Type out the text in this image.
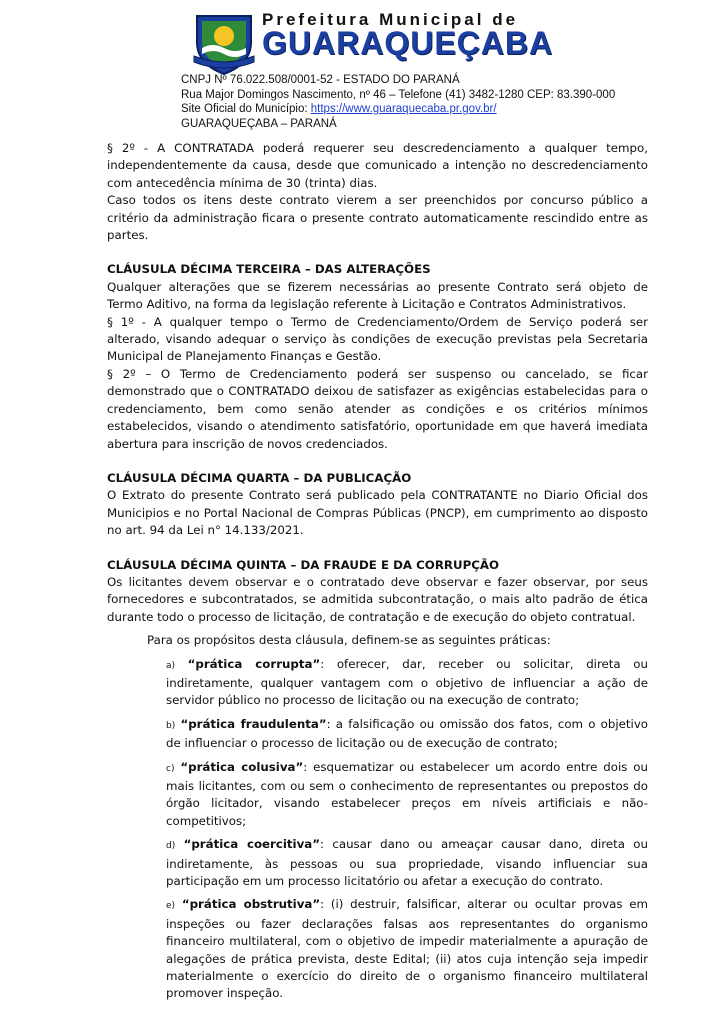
Prefeitura Municipal de
GUARAQUEÇABA
CNPJ Nº 76.022.508/0001-52 - ESTADO DO PARANÁ
Rua Major Domingos Nascimento, nº 46 – Telefone (41) 3482-1280 CEP: 83.390-000
Site Oficial do Município: https://www.guaraquecaba.pr.gov.br/
GUARAQUEÇABA – PARANÁ

§ 2º - A CONTRATADA poderá requerer seu descredenciamento a qualquer tempo, independentemente da causa, desde que comunicado a intenção no descredenciamento com antecedência mínima de 30 (trinta) dias.

Caso todos os itens deste contrato vierem a ser preenchidos por concurso público a critério da administração ficara o presente contrato automaticamente rescindido entre as partes.

CLÁUSULA DÉCIMA TERCEIRA – DAS ALTERAÇÕES

Qualquer alterações que se fizerem necessárias ao presente Contrato será objeto de Termo Aditivo, na forma da legislação referente à Licitação e Contratos Administrativos.

§ 1º - A qualquer tempo o Termo de Credenciamento/Ordem de Serviço poderá ser alterado, visando adequar o serviço às condições de execução previstas pela Secretaria Municipal de Planejamento Finanças e Gestão.

§ 2º – O Termo de Credenciamento poderá ser suspenso ou cancelado, se ficar demonstrado que o CONTRATADO deixou de satisfazer as exigências estabelecidas para o credenciamento, bem como senão atender as condições e os critérios mínimos estabelecidos, visando o atendimento satisfatório, oportunidade em que haverá imediata abertura para inscrição de novos credenciados.

CLÁUSULA DÉCIMA QUARTA – DA PUBLICAÇÃO

O Extrato do presente Contrato será publicado pela CONTRATANTE no Diario Oficial dos Municipios e no Portal Nacional de Compras Públicas (PNCP), em cumprimento ao disposto no art. 94 da Lei n° 14.133/2021.

CLÁUSULA DÉCIMA QUINTA – DA FRAUDE E DA CORRUPÇÃO

Os licitantes devem observar e o contratado deve observar e fazer observar, por seus fornecedores e subcontratados, se admitida subcontratação, o mais alto padrão de ética durante todo o processo de licitação, de contratação e de execução do objeto contratual.

Para os propósitos desta cláusula, definem-se as seguintes práticas:

a) “prática corrupta”: oferecer, dar, receber ou solicitar, direta ou indiretamente, qualquer vantagem com o objetivo de influenciar a ação de servidor público no processo de licitação ou na execução de contrato;

b) “prática fraudulenta”: a falsificação ou omissão dos fatos, com o objetivo de influenciar o processo de licitação ou de execução de contrato;

c) “prática colusiva”: esquematizar ou estabelecer um acordo entre dois ou mais licitantes, com ou sem o conhecimento de representantes ou prepostos do órgão licitador, visando estabelecer preços em níveis artificiais e não-competitivos;

d) “prática coercitiva”: causar dano ou ameaçar causar dano, direta ou indiretamente, às pessoas ou sua propriedade, visando influenciar sua participação em um processo licitatório ou afetar a execução do contrato.

e) “prática obstrutiva”: (i) destruir, falsificar, alterar ou ocultar provas em inspeções ou fazer declarações falsas aos representantes do organismo financeiro multilateral, com o objetivo de impedir materialmente a apuração de alegações de prática prevista, deste Edital; (ii) atos cuja intenção seja impedir materialmente o exercício do direito de o organismo financeiro multilateral promover inspeção.
